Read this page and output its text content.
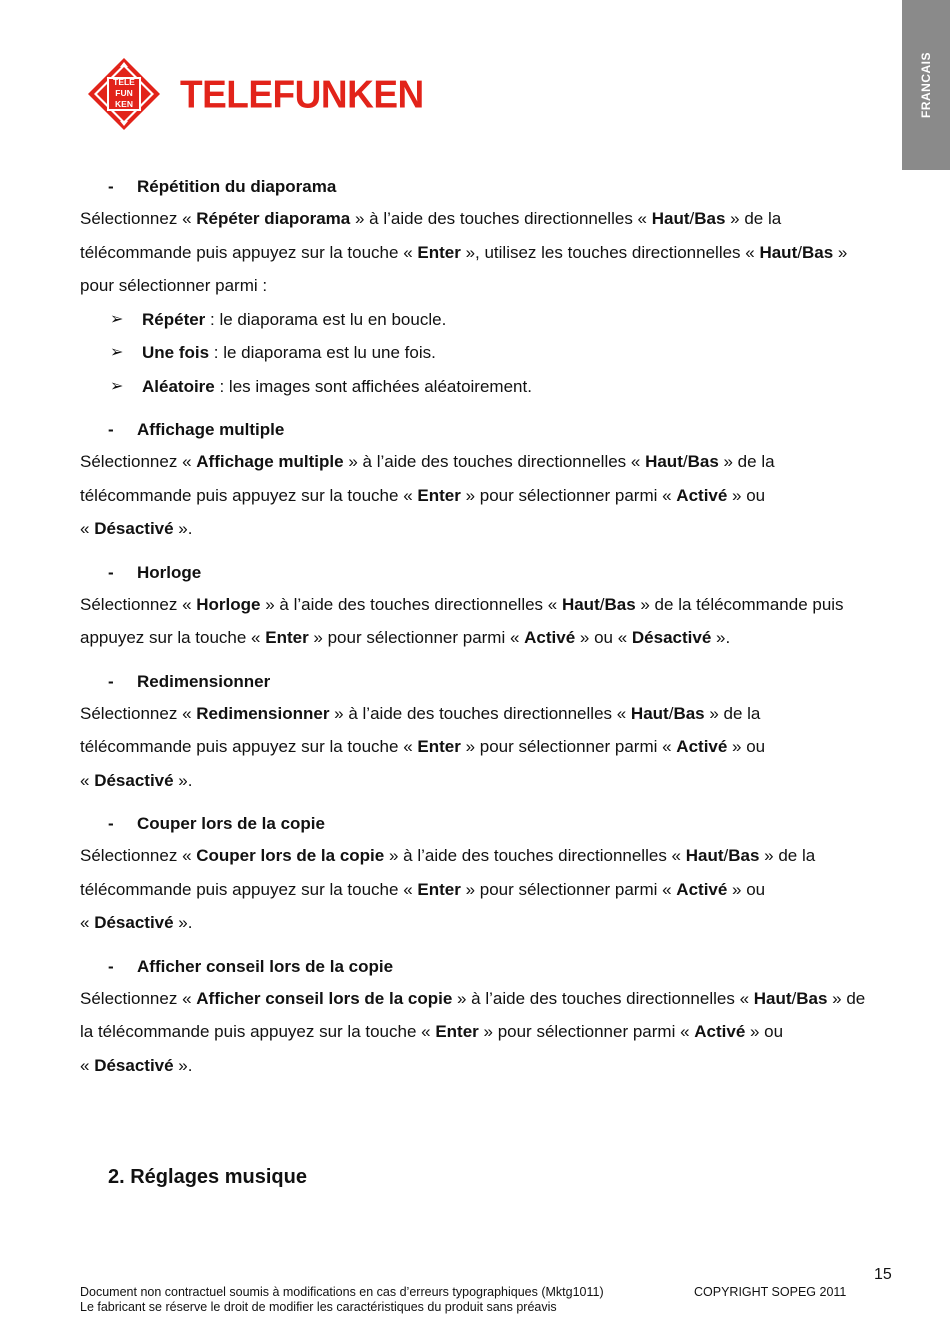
FRANCAIS
TELE
FUN
KEN TELEFUNKEN
- Répétition du diaporama

Sélectionnez « Répéter diaporama » à l’aide des touches directionnelles « Haut/Bas » de la

télécommande puis appuyez sur la touche « Enter », utilisez les touches directionnelles « Haut/Bas »

pour sélectionner parmi :

➢ Répéter : le diaporama est lu en boucle.
➢ Une fois : le diaporama est lu une fois.
➢ Aléatoire : les images sont affichées aléatoirement.
- Affichage multiple

Sélectionnez « Affichage multiple » à l’aide des touches directionnelles « Haut/Bas » de la

télécommande puis appuyez sur la touche « Enter » pour sélectionner parmi « Activé » ou

« Désactivé ».

- Horloge

Sélectionnez « Horloge » à l’aide des touches directionnelles « Haut/Bas » de la télécommande puis

appuyez sur la touche « Enter » pour sélectionner parmi « Activé » ou « Désactivé ».

- Redimensionner

Sélectionnez « Redimensionner » à l’aide des touches directionnelles « Haut/Bas » de la

télécommande puis appuyez sur la touche « Enter » pour sélectionner parmi « Activé » ou

« Désactivé ».

- Couper lors de la copie

Sélectionnez « Couper lors de la copie » à l’aide des touches directionnelles « Haut/Bas » de la

télécommande puis appuyez sur la touche « Enter » pour sélectionner parmi « Activé » ou

« Désactivé ».

- Afficher conseil lors de la copie

Sélectionnez « Afficher conseil lors de la copie » à l’aide des touches directionnelles « Haut/Bas » de

la télécommande puis appuyez sur la touche « Enter » pour sélectionner parmi « Activé » ou

« Désactivé ».

2. Réglages musique
15
Document non contractuel soumis à modifications en cas d’erreurs typographiques (Mktg1011)
Le fabricant se réserve le droit de modifier les caractéristiques du produit sans préavis
COPYRIGHT SOPEG 2011
